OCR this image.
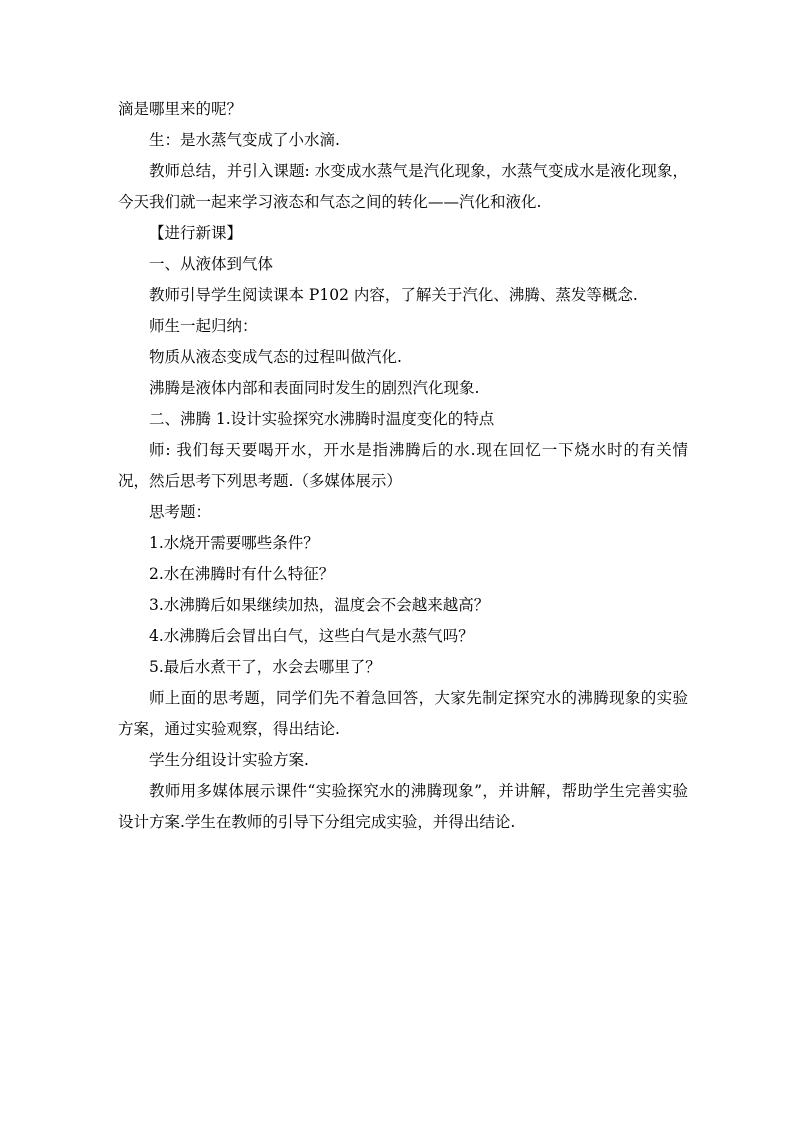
滴是哪里来的呢？

生：是水蒸气变成了小水滴.

教师总结，并引入课题: 水变成水蒸气是汽化现象，水蒸气变成水是液化现象，今天我们就一起来学习液态和气态之间的转化——汽化和液化.

【进行新课】

一、从液体到气体

教师引导学生阅读课本 P102 内容，了解关于汽化、沸腾、蒸发等概念.

师生一起归纳：

物质从液态变成气态的过程叫做汽化.

沸腾是液体内部和表面同时发生的剧烈汽化现象.

二、沸腾 1.设计实验探究水沸腾时温度变化的特点

师: 我们每天要喝开水，开水是指沸腾后的水.现在回忆一下烧水时的有关情况，然后思考下列思考题.（多媒体展示）

思考题：

1.水烧开需要哪些条件？

2.水在沸腾时有什么特征？

3.水沸腾后如果继续加热，温度会不会越来越高？

4.水沸腾后会冒出白气，这些白气是水蒸气吗？

5.最后水煮干了，水会去哪里了？

师上面的思考题，同学们先不着急回答，大家先制定探究水的沸腾现象的实验方案，通过实验观察，得出结论.

学生分组设计实验方案.

教师用多媒体展示课件“实验探究水的沸腾现象”，并讲解，帮助学生完善实验设计方案.学生在教师的引导下分组完成实验，并得出结论.
